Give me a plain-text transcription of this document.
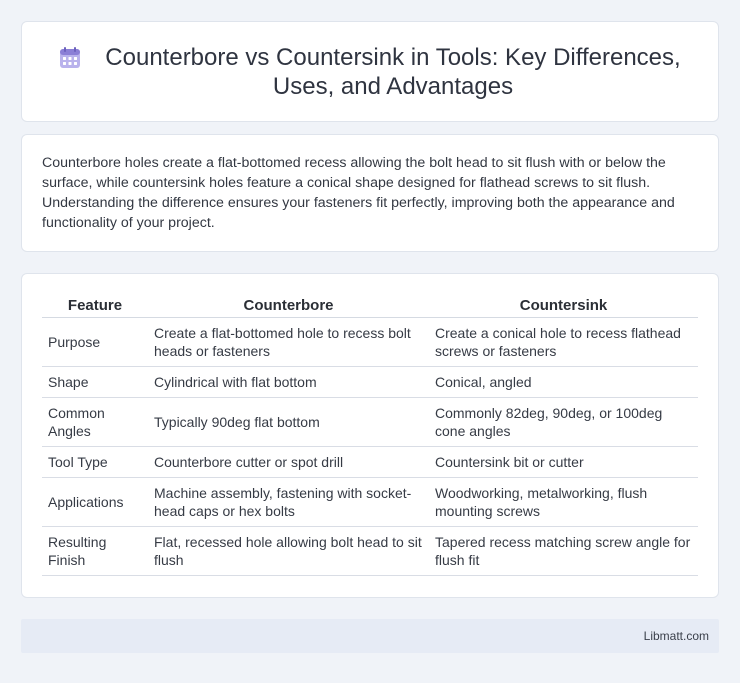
Counterbore vs Countersink in Tools: Key Differences, Uses, and Advantages

Counterbore holes create a flat-bottomed recess allowing the bolt head to sit flush with or below the surface, while countersink holes feature a conical shape designed for flathead screws to sit flush. Understanding the difference ensures your fasteners fit perfectly, improving both the appearance and functionality of your project.

Feature	Counterbore	Countersink
Purpose	Create a flat-bottomed hole to recess bolt heads or fasteners	Create a conical hole to recess flathead screws or fasteners
Shape	Cylindrical with flat bottom	Conical, angled
Common Angles	Typically 90deg flat bottom	Commonly 82deg, 90deg, or 100deg cone angles
Tool Type	Counterbore cutter or spot drill	Countersink bit or cutter
Applications	Machine assembly, fastening with socket-head caps or hex bolts	Woodworking, metalworking, flush mounting screws
Resulting Finish	Flat, recessed hole allowing bolt head to sit flush	Tapered recess matching screw angle for flush fit
Libmatt.com
